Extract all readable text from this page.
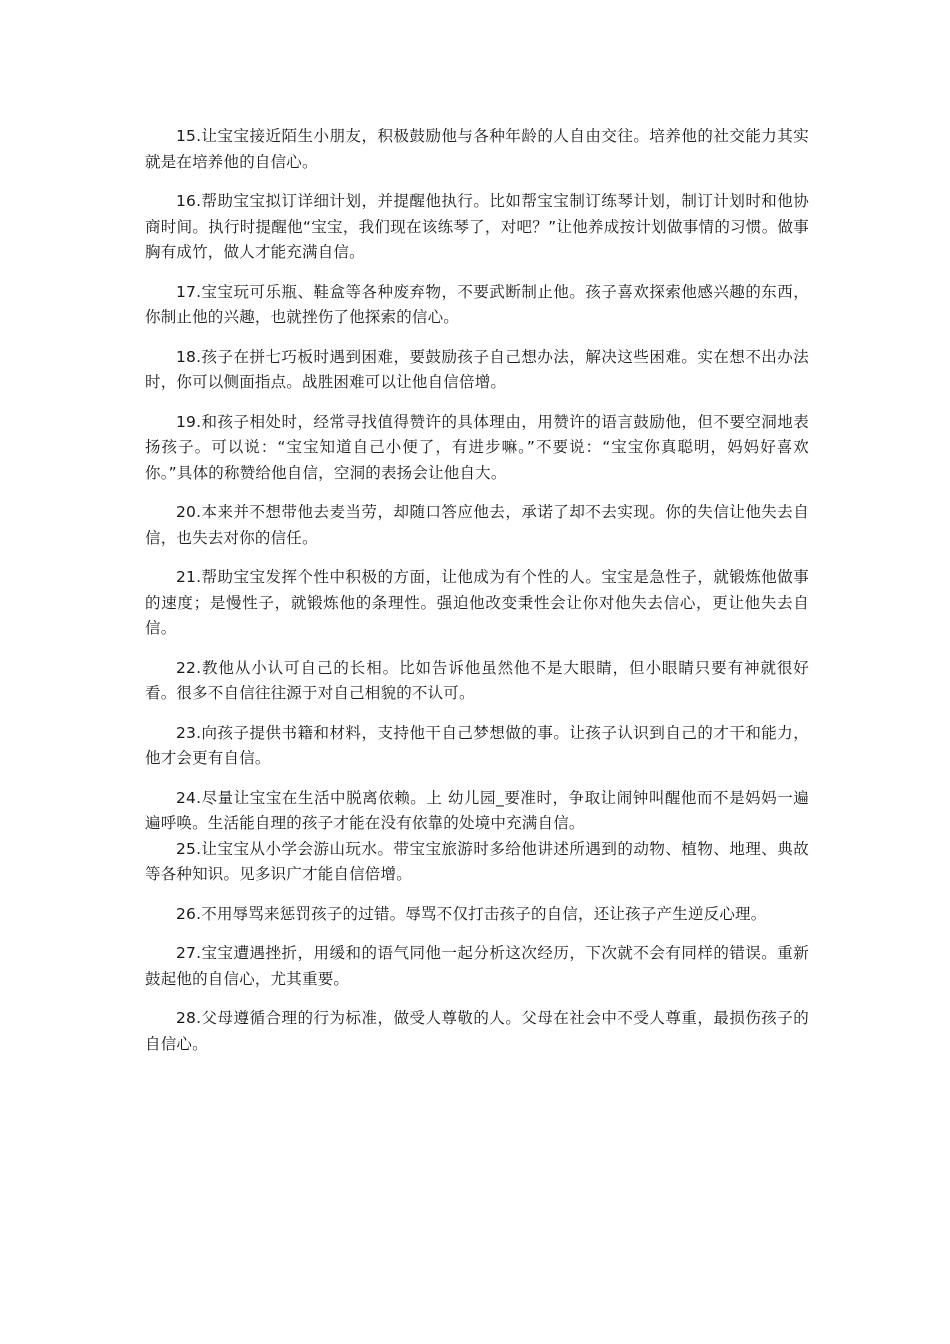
15.让宝宝接近陌生小朋友，积极鼓励他与各种年龄的人自由交往。培养他的社交能力其实就是在培养他的自信心。

16.帮助宝宝拟订详细计划，并提醒他执行。比如帮宝宝制订练琴计划，制订计划时和他协商时间。执行时提醒他“宝宝，我们现在该练琴了，对吧？”让他养成按计划做事情的习惯。做事胸有成竹，做人才能充满自信。

17.宝宝玩可乐瓶、鞋盒等各种废弃物，不要武断制止他。孩子喜欢探索他感兴趣的东西，你制止他的兴趣，也就挫伤了他探索的信心。

18.孩子在拼七巧板时遇到困难，要鼓励孩子自己想办法，解决这些困难。实在想不出办法时，你可以侧面指点。战胜困难可以让他自信倍增。

19.和孩子相处时，经常寻找值得赞许的具体理由，用赞许的语言鼓励他，但不要空洞地表扬孩子。可以说：“宝宝知道自己小便了，有进步嘛。”不要说：“宝宝你真聪明，妈妈好喜欢你。”具体的称赞给他自信，空洞的表扬会让他自大。

20.本来并不想带他去麦当劳，却随口答应他去，承诺了却不去实现。你的失信让他失去自信，也失去对你的信任。

21.帮助宝宝发挥个性中积极的方面，让他成为有个性的人。宝宝是急性子，就锻炼他做事的速度；是慢性子，就锻炼他的条理性。强迫他改变秉性会让你对他失去信心，更让他失去自信。

22.教他从小认可自己的长相。比如告诉他虽然他不是大眼睛，但小眼睛只要有神就很好看。很多不自信往往源于对自己相貌的不认可。

23.向孩子提供书籍和材料，支持他干自己梦想做的事。让孩子认识到自己的才干和能力，他才会更有自信。

24.尽量让宝宝在生活中脱离依赖。上 幼儿园_要准时，争取让闹钟叫醒他而不是妈妈一遍遍呼唤。生活能自理的孩子才能在没有依靠的处境中充满自信。

25.让宝宝从小学会游山玩水。带宝宝旅游时多给他讲述所遇到的动物、植物、地理、典故等各种知识。见多识广才能自信倍增。

26.不用辱骂来惩罚孩子的过错。辱骂不仅打击孩子的自信，还让孩子产生逆反心理。

27.宝宝遭遇挫折，用缓和的语气同他一起分析这次经历，下次就不会有同样的错误。重新鼓起他的自信心，尤其重要。

28.父母遵循合理的行为标准，做受人尊敬的人。父母在社会中不受人尊重，最损伤孩子的自信心。
